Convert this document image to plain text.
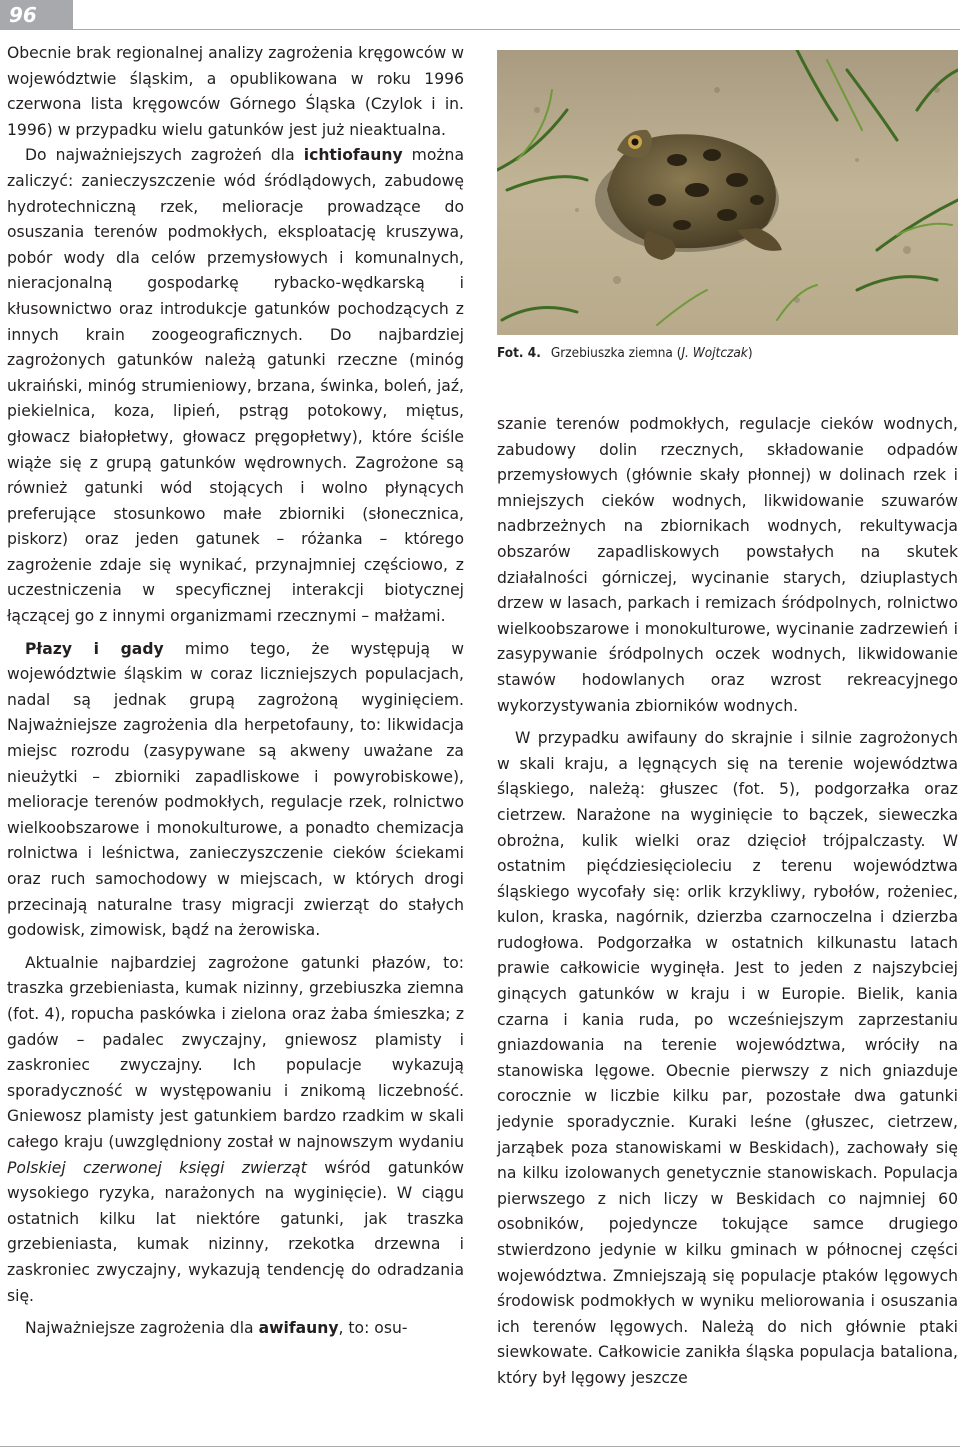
96

Obecnie brak regionalnej analizy zagrożenia kręgowców w województwie śląskim, a opublikowana w roku 1996 czerwona lista kręgowców Górnego Śląska (Czylok i in. 1996) w przypadku wielu gatunków jest już nieaktualna.

Do najważniejszych zagrożeń dla ichtiofauny można zaliczyć: zanieczyszczenie wód śródlądowych, zabudowę hydrotechniczną rzek, melioracje prowadzące do osuszania terenów podmokłych, eksploatację kruszywa, pobór wody dla celów przemysłowych i komunalnych, nieracjonalną gospodarkę rybacko-wędkarską i kłusownictwo oraz introdukcje gatunków pochodzących z innych krain zoogeograficznych. Do najbardziej zagrożonych gatunków należą gatunki rzeczne (minóg ukraiński, minóg strumieniowy, brzana, świnka, boleń, jaź, piekielnica, koza, lipień, pstrąg potokowy, miętus, głowacz białopłetwy, głowacz pręgopłetwy), które ściśle wiąże się z grupą gatunków wędrownych. Zagrożone są również gatunki wód stojących i wolno płynących preferujące stosunkowo małe zbiorniki (słonecznica, piskorz) oraz jeden gatunek – różanka – którego zagrożenie zdaje się wynikać, przynajmniej częściowo, z uczestniczenia w specyficznej interakcji biotycznej łączącej go z innymi organizmami rzecznymi – małżami.

Płazy i gady mimo tego, że występują w województwie śląskim w coraz liczniejszych populacjach, nadal są jednak grupą zagrożoną wyginięciem. Najważniejsze zagrożenia dla herpetofauny, to: likwidacja miejsc rozrodu (zasypywane są akweny uważane za nieużytki – zbiorniki zapadliskowe i powyrobiskowe), melioracje terenów podmokłych, regulacje rzek, rolnictwo wielkoobszarowe i monokulturowe, a ponadto chemizacja rolnictwa i leśnictwa, zanieczyszczenie cieków ściekami oraz ruch samochodowy w miejscach, w których drogi przecinają naturalne trasy migracji zwierząt do stałych godowisk, zimowisk, bądź na żerowiska.

Aktualnie najbardziej zagrożone gatunki płazów, to: traszka grzebieniasta, kumak nizinny, grzebiuszka ziemna (fot. 4), ropucha paskówka i zielona oraz żaba śmieszka; z gadów – padalec zwyczajny, gniewosz plamisty i zaskroniec zwyczajny. Ich populacje wykazują sporadyczność w występowaniu i znikomą liczebność. Gniewosz plamisty jest gatunkiem bardzo rzadkim w skali całego kraju (uwzględniony został w najnowszym wydaniu Polskiej czerwonej księgi zwierząt wśród gatunków wysokiego ryzyka, narażonych na wyginięcie). W ciągu ostatnich kilku lat niektóre gatunki, jak traszka grzebieniasta, kumak nizinny, rzekotka drzewna i zaskroniec zwyczajny, wykazują tendencję do odradzania się.

Najważniejsze zagrożenia dla awifauny, to: osu-

Fot. 4. Grzebiuszka ziemna (J. Wojtczak)

szanie terenów podmokłych, regulacje cieków wodnych, zabudowy dolin rzecznych, składowanie odpadów przemysłowych (głównie skały płonnej) w dolinach rzek i mniejszych cieków wodnych, likwidowanie szuwarów nadbrzeżnych na zbiornikach wodnych, rekultywacja obszarów zapadliskowych powstałych na skutek działalności górniczej, wycinanie starych, dziuplastych drzew w lasach, parkach i remizach śródpolnych, rolnictwo wielkoobszarowe i monokulturowe, wycinanie zadrzewień i zasypywanie śródpolnych oczek wodnych, likwidowanie stawów hodowlanych oraz wzrost rekreacyjnego wykorzystywania zbiorników wodnych.

W przypadku awifauny do skrajnie i silnie zagrożonych w skali kraju, a lęgnących się na terenie województwa śląskiego, należą: głuszec (fot. 5), podgorzałka oraz cietrzew. Narażone na wyginięcie to bączek, sieweczka obrożna, kulik wielki oraz dzięcioł trójpalczasty. W ostatnim pięćdziesięcioleciu z terenu województwa śląskiego wycofały się: orlik krzykliwy, rybołów, rożeniec, kulon, kraska, nagórnik, dzierzba czarnoczelna i dzierzba rudogłowa. Podgorzałka w ostatnich kilkunastu latach prawie całkowicie wyginęła. Jest to jeden z najszybciej ginących gatunków w kraju i w Europie. Bielik, kania czarna i kania ruda, po wcześniejszym zaprzestaniu gniazdowania na terenie województwa, wróciły na stanowiska lęgowe. Obecnie pierwszy z nich gniazduje corocznie w liczbie kilku par, pozostałe dwa gatunki jedynie sporadycznie. Kuraki leśne (głuszec, cietrzew, jarząbek poza stanowiskami w Beskidach), zachowały się na kilku izolowanych genetycznie stanowiskach. Populacja pierwszego z nich liczy w Beskidach co najmniej 60 osobników, pojedyncze tokujące samce drugiego stwierdzono jedynie w kilku gminach w północnej części województwa. Zmniejszają się populacje ptaków lęgowych środowisk podmokłych w wyniku meliorowania i osuszania ich terenów lęgowych. Należą do nich głównie ptaki siewkowate. Całkowicie zanikła śląska populacja bataliona, który był lęgowy jeszcze
